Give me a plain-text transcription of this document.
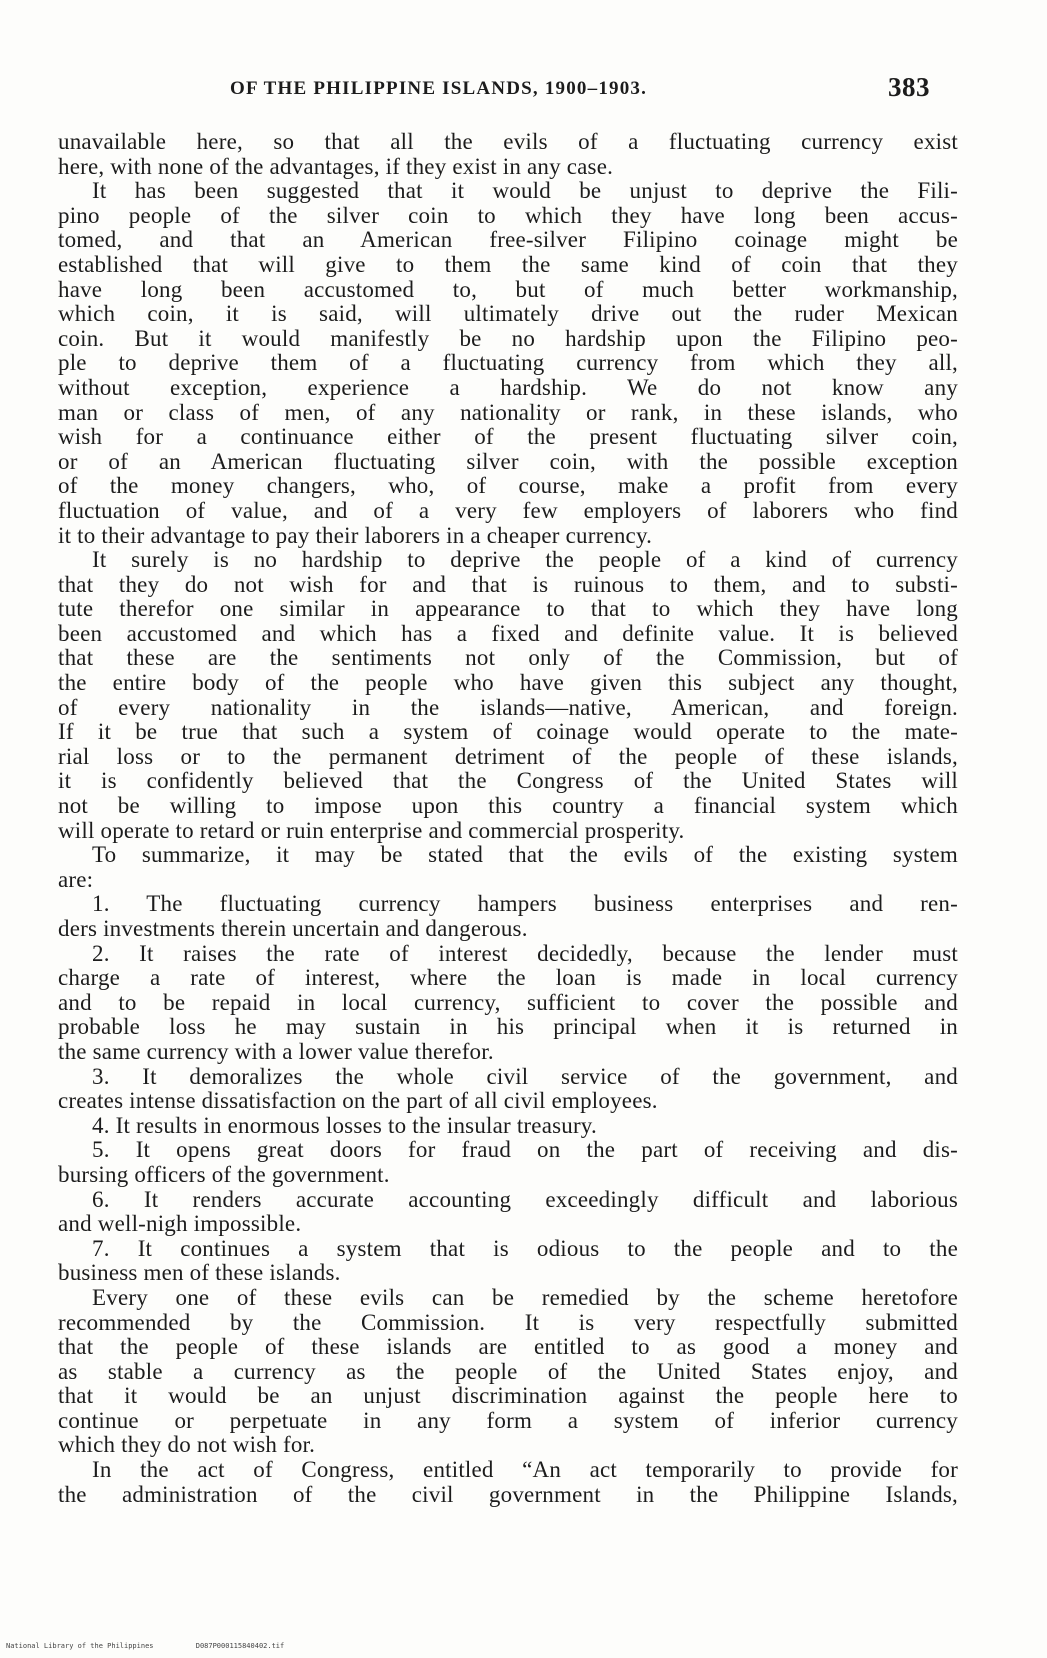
OF THE PHILIPPINE ISLANDS, 1900–1903.	383
unavailable here, so that all the evils of a fluctuating currency exist
here, with none of the advantages, if they exist in any case.
It has been suggested that it would be unjust to deprive the Fili-
pino people of the silver coin to which they have long been accus-
tomed, and that an American free-silver Filipino coinage might be
established that will give to them the same kind of coin that they
have long been accustomed to, but of much better workmanship,
which coin, it is said, will ultimately drive out the ruder Mexican
coin. But it would manifestly be no hardship upon the Filipino peo-
ple to deprive them of a fluctuating currency from which they all,
without exception, experience a hardship. We do not know any
man or class of men, of any nationality or rank, in these islands, who
wish for a continuance either of the present fluctuating silver coin,
or of an American fluctuating silver coin, with the possible exception
of the money changers, who, of course, make a profit from every
fluctuation of value, and of a very few employers of laborers who find
it to their advantage to pay their laborers in a cheaper currency.
It surely is no hardship to deprive the people of a kind of currency
that they do not wish for and that is ruinous to them, and to substi-
tute therefor one similar in appearance to that to which they have long
been accustomed and which has a fixed and definite value. It is believed
that these are the sentiments not only of the Commission, but of
the entire body of the people who have given this subject any thought,
of every nationality in the islands—native, American, and foreign.
If it be true that such a system of coinage would operate to the mate-
rial loss or to the permanent detriment of the people of these islands,
it is confidently believed that the Congress of the United States will
not be willing to impose upon this country a financial system which
will operate to retard or ruin enterprise and commercial prosperity.
To summarize, it may be stated that the evils of the existing system
are:
1. The fluctuating currency hampers business enterprises and ren-
ders investments therein uncertain and dangerous.
2. It raises the rate of interest decidedly, because the lender must
charge a rate of interest, where the loan is made in local currency
and to be repaid in local currency, sufficient to cover the possible and
probable loss he may sustain in his principal when it is returned in
the same currency with a lower value therefor.
3. It demoralizes the whole civil service of the government, and
creates intense dissatisfaction on the part of all civil employees.
4. It results in enormous losses to the insular treasury.
5. It opens great doors for fraud on the part of receiving and dis-
bursing officers of the government.
6. It renders accurate accounting exceedingly difficult and laborious
and well-nigh impossible.
7. It continues a system that is odious to the people and to the
business men of these islands.
Every one of these evils can be remedied by the scheme heretofore
recommended by the Commission. It is very respectfully submitted
that the people of these islands are entitled to as good a money and
as stable a currency as the people of the United States enjoy, and
that it would be an unjust discrimination against the people here to
continue or perpetuate in any form a system of inferior currency
which they do not wish for.
In the act of Congress, entitled “An act temporarily to provide for
the administration of the civil government in the Philippine Islands,
National Library of the Philippines	D087P000115840402.tif
